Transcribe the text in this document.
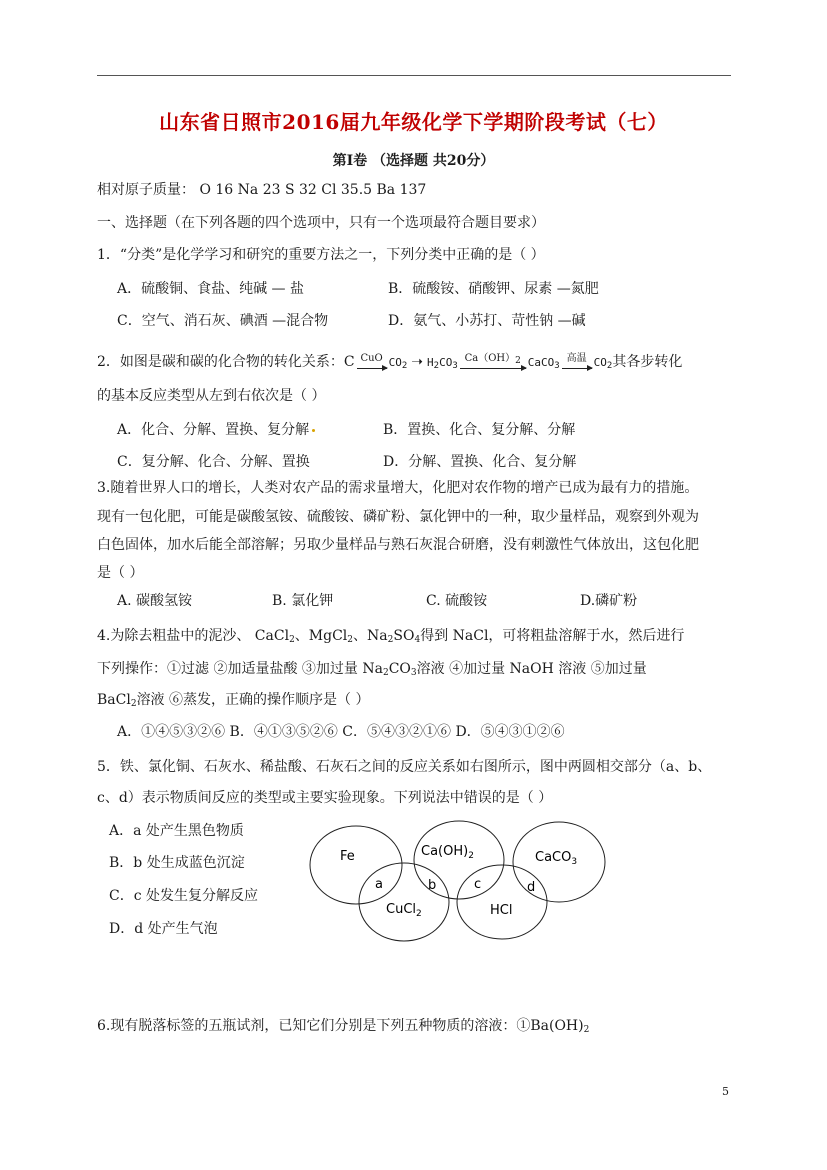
山东省日照市2016届九年级化学下学期阶段考试（七）
第Ⅰ卷 （选择题 共20分）
相对原子质量： O 16 Na 23 S 32 Cl 35.5 Ba 137
一、选择题（在下列各题的四个选项中，只有一个选项最符合题目要求）
1．“分类”是化学学习和研究的重要方法之一，下列分类中正确的是（ ）
A．硫酸铜、食盐、纯碱 — 盐	B．硫酸铵、硝酸钾、尿素 —氮肥
C．空气、消石灰、碘酒 —混合物	D．氨气、小苏打、苛性钠 —碱
2．如图是碳和碳的化合物的转化关系：C CuO $CO_2$ ➝ $H_2CO_3$
$Ca(OH)_2$ CaCO$_3$
高温 $CO_2$其各步转化
的基本反应类型从左到右依次是（ ）
A．化合、分解、置换、复分解	B．置换、化合、复分解、分解
C．复分解、化合、分解、置换	D．分解、置换、化合、复分解
3.随着世界人口的增长，人类对农产品的需求量增大，化肥对农作物的增产已成为最有力的措施。
现有一包化肥，可能是碳酸氢铵、硫酸铵、磷矿粉、氯化钾中的一种，取少量样品，观察到外观为
白色固体，加水后能全部溶解；另取少量样品与熟石灰混合研磨，没有刺激性气体放出，这包化肥
是（ ）
A. 碳酸氢铵	B. 氯化钾	C. 硫酸铵	D.磷矿粉
4.为除去粗盐中的泥沙、 CaCl$_2$、MgCl$_2$、$Na_2SO_4$得到 NaCl，可将粗盐溶解于水，然后进行
下列操作：①过滤 ②加适量盐酸 ③加过量 $Na_2CO_3$溶液 ④加过量 NaOH 溶液 ⑤加过量
BaCl$_2$溶液 ⑥蒸发，正确的操作顺序是（ ）
A．①④⑤③②⑥ B．④①③⑤②⑥ C．⑤④③②①⑥ D．⑤④③①②⑥
5．铁、氯化铜、石灰水、稀盐酸、石灰石之间的反应关系如右图所示，图中两圆相交部分（a、b、
c、d）表示物质间反应的类型或主要实验现象。下列说法中错误的是（ ）
A．a 处产生黑色物质
B．b 处生成蓝色沉淀
C．c 处发生复分解反应
D．d 处产生气泡
Fe	$Ca(OH)_2$	CaCO$_3$
CuCl$_2$	HCl
a	b	c	d
6.现有脱落标签的五瓶试剂，已知它们分别是下列五种物质的溶液：$①Ba(OH)_2$
5
